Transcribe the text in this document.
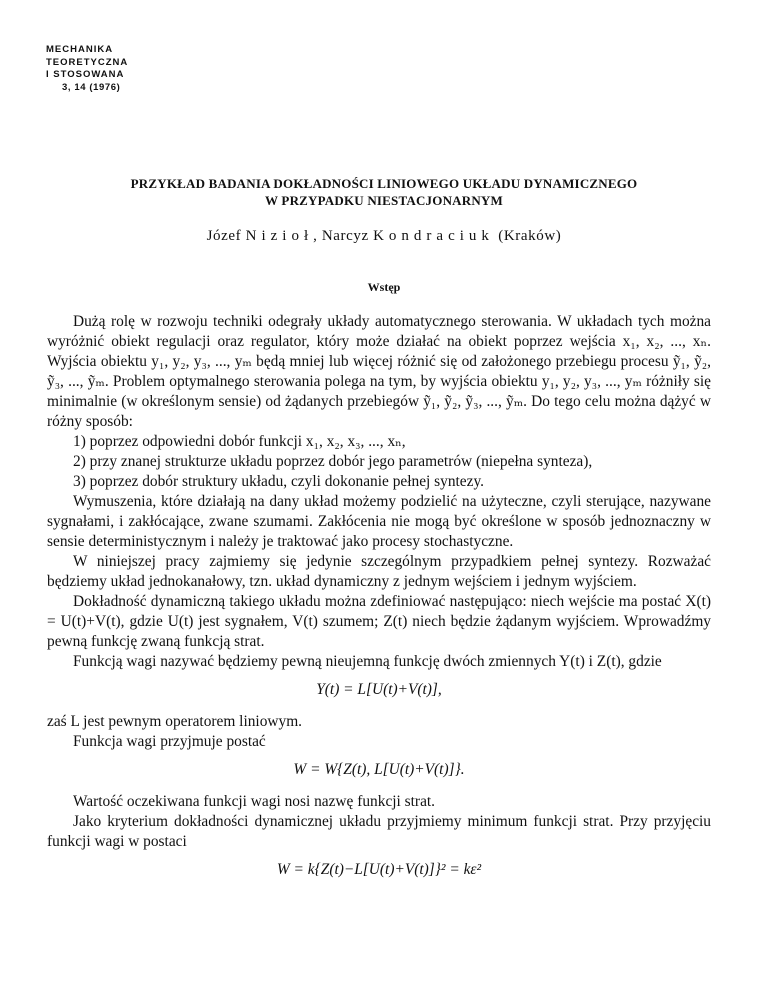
MECHANIKA
TEORETYCZNA
I STOSOWANA
3, 14 (1976)
PRZYKŁAD BADANIA DOKŁADNOŚCI LINIOWEGO UKŁADU DYNAMICZNEGO
W PRZYPADKU NIESTACJONARNYM
Józef Nizioł, Narcyz Kondraciuk (Kraków)
Wstęp

Dużą rolę w rozwoju techniki odegrały układy automatycznego sterowania. W układach tych można wyróżnić obiekt regulacji oraz regulator, który może działać na obiekt poprzez wejścia x₁, x₂, ..., xₙ. Wyjścia obiektu y₁, y₂, y₃, ..., yₘ będą mniej lub więcej różnić się od założonego przebiegu procesu ỹ₁, ỹ₂, ỹ₃, ..., ỹₘ. Problem optymalnego sterowania polega na tym, by wyjścia obiektu y₁, y₂, y₃, ..., yₘ różniły się minimalnie (w określonym sensie) od żądanych przebiegów ỹ₁, ỹ₂, ỹ₃, ..., ỹₘ. Do tego celu można dążyć w różny sposób:

1) poprzez odpowiedni dobór funkcji x₁, x₂, x₃, ..., xₙ,

2) przy znanej strukturze układu poprzez dobór jego parametrów (niepełna synteza),

3) poprzez dobór struktury układu, czyli dokonanie pełnej syntezy.

Wymuszenia, które działają na dany układ możemy podzielić na użyteczne, czyli sterujące, nazywane sygnałami, i zakłócające, zwane szumami. Zakłócenia nie mogą być określone w sposób jednoznaczny w sensie deterministycznym i należy je traktować jako procesy stochastyczne.

W niniejszej pracy zajmiemy się jedynie szczególnym przypadkiem pełnej syntezy. Rozważać będziemy układ jednokanałowy, tzn. układ dynamiczny z jednym wejściem i jednym wyjściem.

Dokładność dynamiczną takiego układu można zdefiniować następująco: niech wejście ma postać X(t) = U(t)+V(t), gdzie U(t) jest sygnałem, V(t) szumem; Z(t) niech będzie żądanym wyjściem. Wprowadźmy pewną funkcję zwaną funkcją strat.

Funkcją wagi nazywać będziemy pewną nieujemną funkcję dwóch zmiennych Y(t) i Z(t), gdzie

Y(t) = L[U(t)+V(t)],

zaś L jest pewnym operatorem liniowym.

Funkcja wagi przyjmuje postać

W = W{Z(t), L[U(t)+V(t)]}.

Wartość oczekiwana funkcji wagi nosi nazwę funkcji strat.

Jako kryterium dokładności dynamicznej układu przyjmiemy minimum funkcji strat. Przy przyjęciu funkcji wagi w postaci

W = k{Z(t)−L[U(t)+V(t)]}² = kε²
